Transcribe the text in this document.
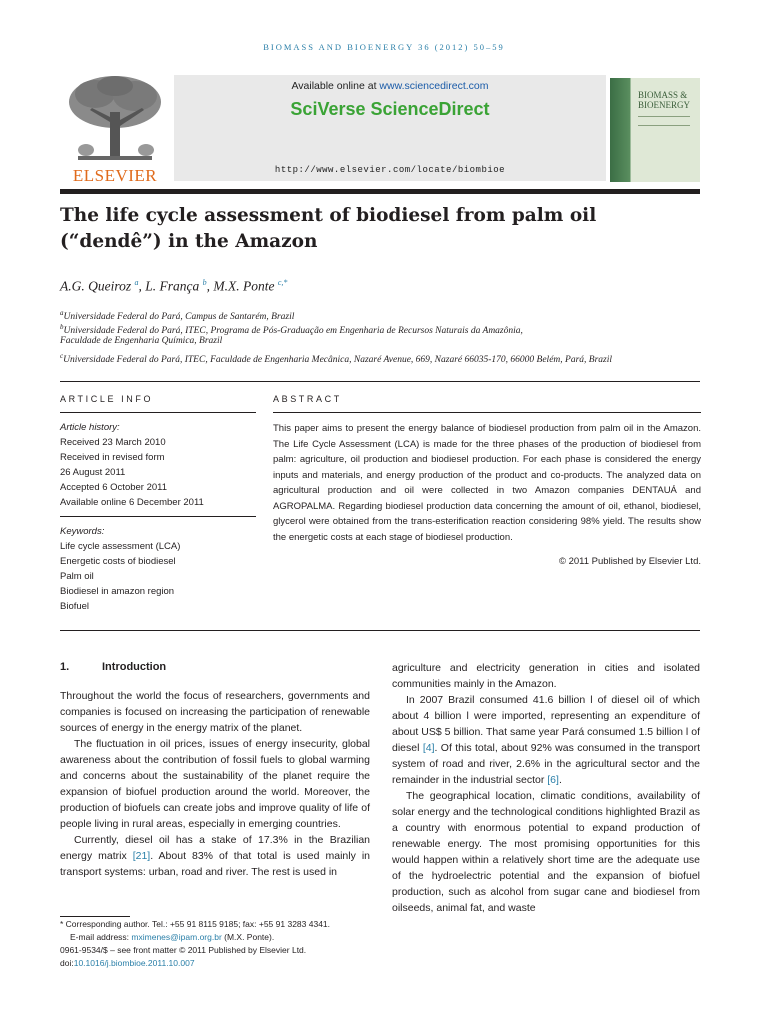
BIOMASS AND BIOENERGY 36 (2012) 50–59
ELSEVIER
Available online at www.sciencedirect.com
SciVerse ScienceDirect
http://www.elsevier.com/locate/biombioe
BIOMASS & BIOENERGY
The life cycle assessment of biodiesel from palm oil
(“dendê”) in the Amazon
A.G. Queiroz $^a$, L. França $^b$, M.X. Ponte $^{c,*}$
$^a$Universidade Federal do Pará, Campus de Santarém, Brazil
$^b$Universidade Federal do Pará, ITEC, Programa de Pós-Graduação em Engenharia de Recursos Naturais da Amazônia,
Faculdade de Engenharia Química, Brazil
$^c$Universidade Federal do Pará, ITEC, Faculdade de Engenharia Mecânica, Nazaré Avenue, 669, Nazaré 66035-170, 66000 Belém, Pará, Brazil
ARTICLE INFO	ABSTRACT
Article history:
Received 23 March 2010
Received in revised form
26 August 2011
Accepted 6 October 2011
Available online 6 December 2011
Keywords:
Life cycle assessment (LCA)
Energetic costs of biodiesel
Palm oil
Biodiesel in amazon region
Biofuel
This paper aims to present the energy balance of biodiesel production from palm oil in the Amazon. The Life Cycle Assessment (LCA) is made for the three phases of the production of biodiesel from palm: agriculture, oil production and biodiesel production. For each phase is considered the energy inputs and materials, and energy production of the product and co-products. The analyzed data on agricultural production and oil were collected in two Amazon companies DENTAUÁ and AGROPALMA. Regarding biodiesel production data concerning the amount of oil, ethanol, biodiesel, glycerol were obtained from the trans-esterification reaction considering 98% yield. The results show the energetic costs at each stage of biodiesel production.
© 2011 Published by Elsevier Ltd.
1.	Introduction

Throughout the world the focus of researchers, governments and companies is focused on increasing the participation of renewable sources of energy in the energy matrix of the planet.

The fluctuation in oil prices, issues of energy insecurity, global awareness about the contribution of fossil fuels to global warming and concerns about the sustainability of the planet require the expansion of biofuel production around the world. Moreover, the production of biofuels can create jobs and improve quality of life of people living in rural areas, especially in emerging countries.

Currently, diesel oil has a stake of 17.3% in the Brazilian energy matrix [21]. About 83% of that total is used mainly in transport systems: urban, road and river. The rest is used in

agriculture and electricity generation in cities and isolated communities mainly in the Amazon.

In 2007 Brazil consumed 41.6 billion l of diesel oil of which about 4 billion l were imported, representing an expenditure of about US$ 5 billion. That same year Pará consumed 1.5 billion l of diesel [4]. Of this total, about 92% was consumed in the transport system of road and river, 2.6% in the agricultural sector and the remainder in the industrial sector [6].

The geographical location, climatic conditions, availability of solar energy and the technological conditions highlighted Brazil as a country with enormous potential to expand production of renewable energy. The most promising opportunities for this would happen within a relatively short time are the adequate use of the hydroelectric potential and the expansion of biofuel production, such as alcohol from sugar cane and biodiesel from oilseeds, animal fat, and waste

* Corresponding author. Tel.: +55 91 8115 9185; fax: +55 91 3283 4341.
E-mail address: mximenes@ipam.org.br (M.X. Ponte).
0961-9534/$ – see front matter © 2011 Published by Elsevier Ltd.
doi:10.1016/j.biombioe.2011.10.007
